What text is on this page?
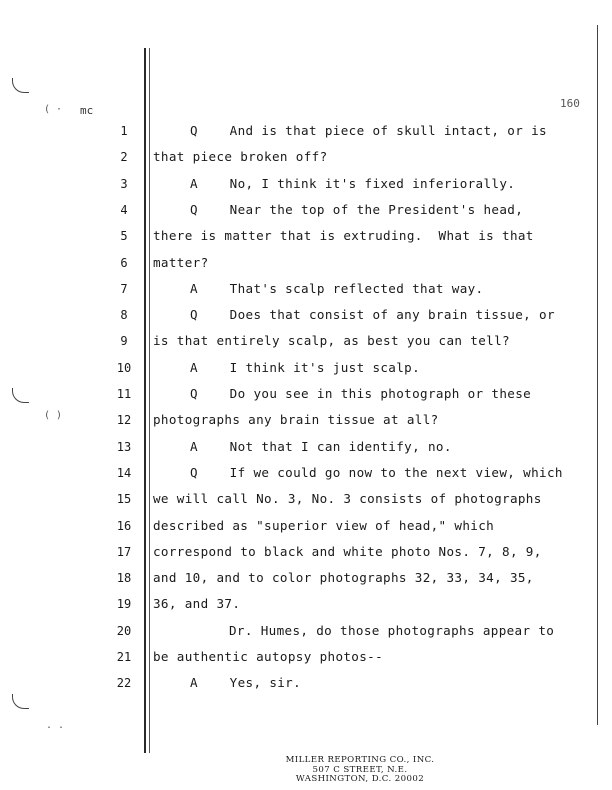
( ·
( )
. .
mc
160
1	Q    And is that piece of skull intact, or is
2	that piece broken off?
3	A    No, I think it's fixed inferiorally.
4	Q    Near the top of the President's head,
5	there is matter that is extruding.  What is that
6	matter?
7	A    That's scalp reflected that way.
8	Q    Does that consist of any brain tissue, or
9	is that entirely scalp, as best you can tell?
10	A    I think it's just scalp.
11	Q    Do you see in this photograph or these
12	photographs any brain tissue at all?
13	A    Not that I can identify, no.
14	Q    If we could go now to the next view, which
15	we will call No. 3, No. 3 consists of photographs
16	described as "superior view of head," which
17	correspond to black and white photo Nos. 7, 8, 9,
18	and 10, and to color photographs 32, 33, 34, 35,
19	36, and 37.
20	Dr. Humes, do those photographs appear to
21	be authentic autopsy photos--
22	A    Yes, sir.
MILLER REPORTING CO., INC.
507 C STREET, N.E.
WASHINGTON, D.C. 20002
